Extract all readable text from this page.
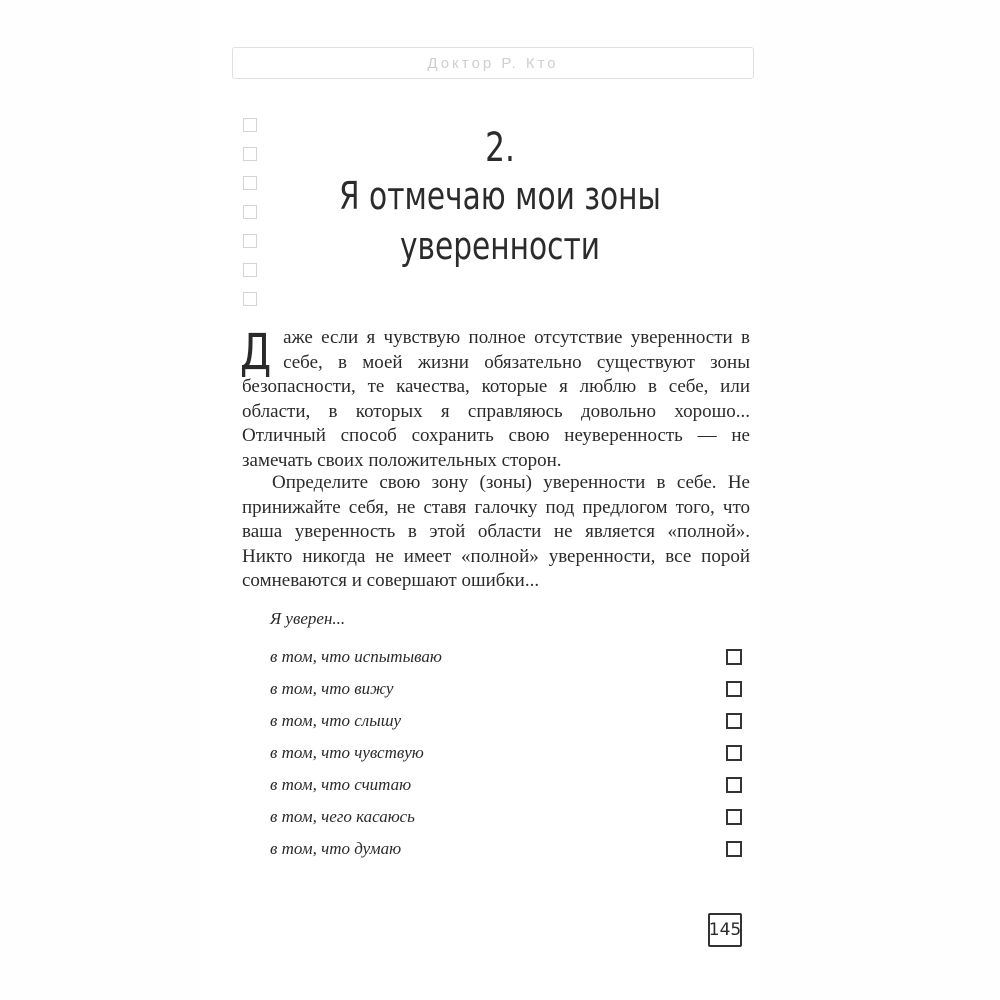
Доктор Р. Кто
2.
Я отмечаю мои зоны
уверенности

Даже если я чувствую полное отсутствие уверенности в себе, в моей жизни обязательно существуют зоны безопасности, те качества, которые я люблю в себе, или области, в которых я справляюсь довольно хорошо... Отличный способ сохранить свою неуверенность — не замечать своих положительных сторон.

Определите свою зону (зоны) уверенности в себе. Не принижайте себя, не ставя галочку под предлогом того, что ваша уверенность в этой области не является «полной». Никто никогда не имеет «полной» уверенности, все порой сомневаются и совершают ошибки...

Я уверен...
в том, что испытываю
в том, что вижу
в том, что слышу
в том, что чувствую
в том, что считаю
в том, чего касаюсь
в том, что думаю
145
